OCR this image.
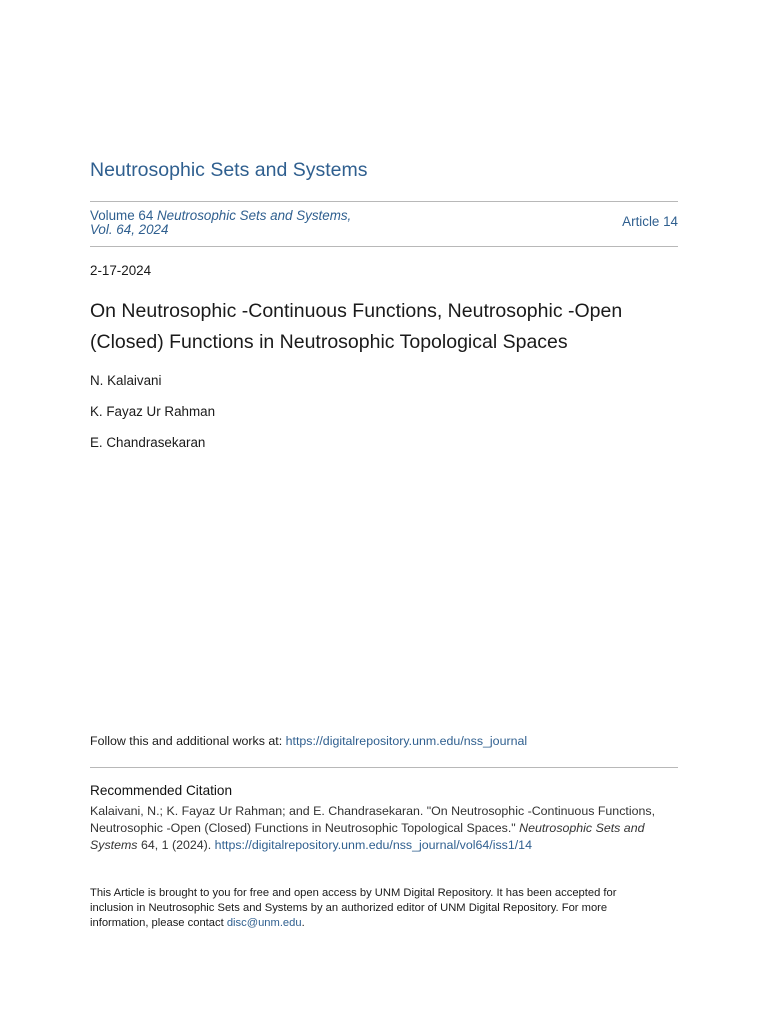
Neutrosophic Sets and Systems
Volume 64 Neutrosophic Sets and Systems,
Vol. 64, 2024
Article 14
2-17-2024
On Neutrosophic -Continuous Functions, Neutrosophic -Open
(Closed) Functions in Neutrosophic Topological Spaces
N. Kalaivani
K. Fayaz Ur Rahman
E. Chandrasekaran
Follow this and additional works at: https://digitalrepository.unm.edu/nss_journal
Recommended Citation
Kalaivani, N.; K. Fayaz Ur Rahman; and E. Chandrasekaran. "On Neutrosophic -Continuous Functions, Neutrosophic -Open (Closed) Functions in Neutrosophic Topological Spaces." Neutrosophic Sets and Systems 64, 1 (2024). https://digitalrepository.unm.edu/nss_journal/vol64/iss1/14
This Article is brought to you for free and open access by UNM Digital Repository. It has been accepted for inclusion in Neutrosophic Sets and Systems by an authorized editor of UNM Digital Repository. For more information, please contact disc@unm.edu.
